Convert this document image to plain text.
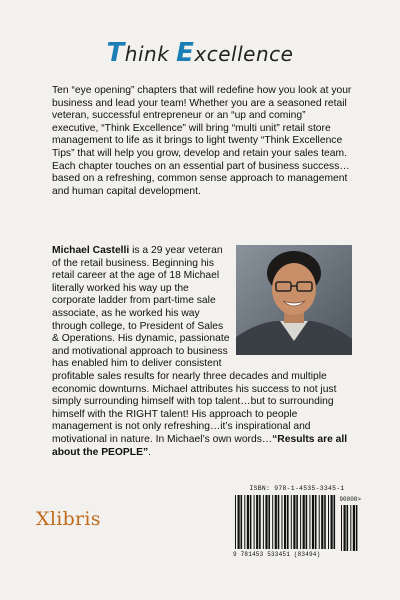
Think Excellence
Ten “eye opening” chapters that will redefine how you look at your business and lead your team! Whether you are a seasoned retail veteran, successful entrepreneur or an “up and coming” executive, “Think Excellence” will bring “multi unit” retail store management to life as it brings to light twenty “Think Excellence Tips” that will help you grow, develop and retain your sales team. Each chapter touches on an essential part of business success…based on a refreshing, common sense approach to management and human capital development.
Michael Castelli is a 29 year veteran of the retail business. Beginning his retail career at the age of 18 Michael literally worked his way up the corporate ladder from part-time sale associate, as he worked his way through college, to President of Sales & Operations. His dynamic, passionate and motivational approach to business has enabled him to deliver consistent profitable sales results for nearly three decades and multiple economic downturns. Michael attributes his success to not just simply surrounding himself with top talent…but to surrounding himself with the RIGHT talent! His approach to people management is not only refreshing…it’s inspirational and motivational in nature. In Michael’s own words…“Results are all about the PEOPLE”.
Xlibris
ISBN: 978-1-4535-3345-1
90000>
9 781453 533451 (83494)
